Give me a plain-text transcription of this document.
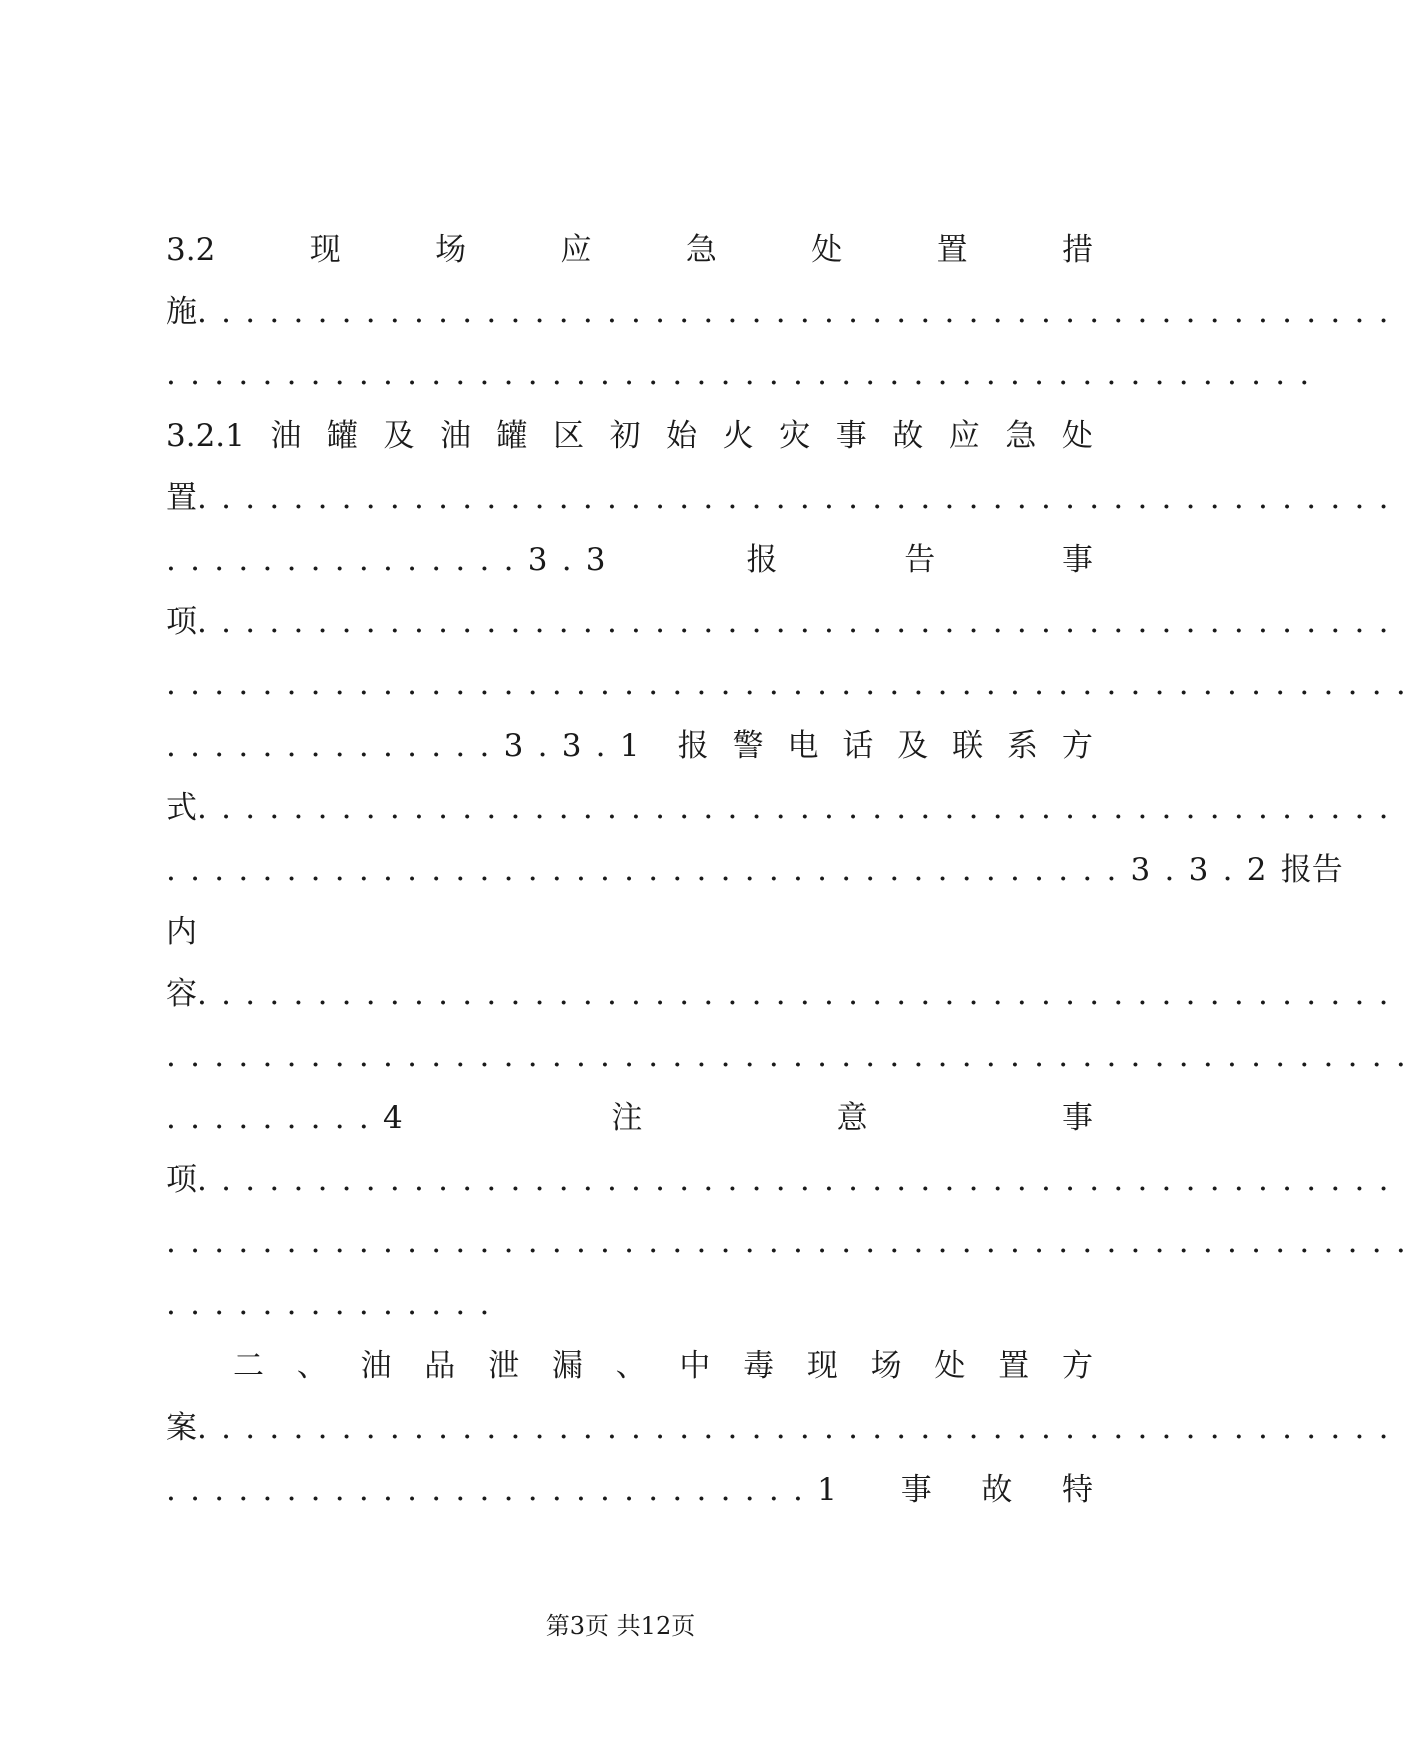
3.2	现	场	应	急	处	置	措
施 ..................................................
................................................
3.2.1 油 罐 及 油 罐 区 初 始 火 灾 事 故 应 急 处
置 ..................................................
...............3.3	报	告	事
项 ..................................................
....................................................
..............3.3.1 报 警 电 话 及 联 系 方
式 ..................................................
........................................3.3.2 报 告
内
容 ..................................................
....................................................
.........4	注	意	事
项 ..................................................
....................................................
..............
二 、 油 品 泄 漏 、 中 毒 现 场 处 置 方
案 ..................................................
...........................1 事 故 特
第3页 共12页
